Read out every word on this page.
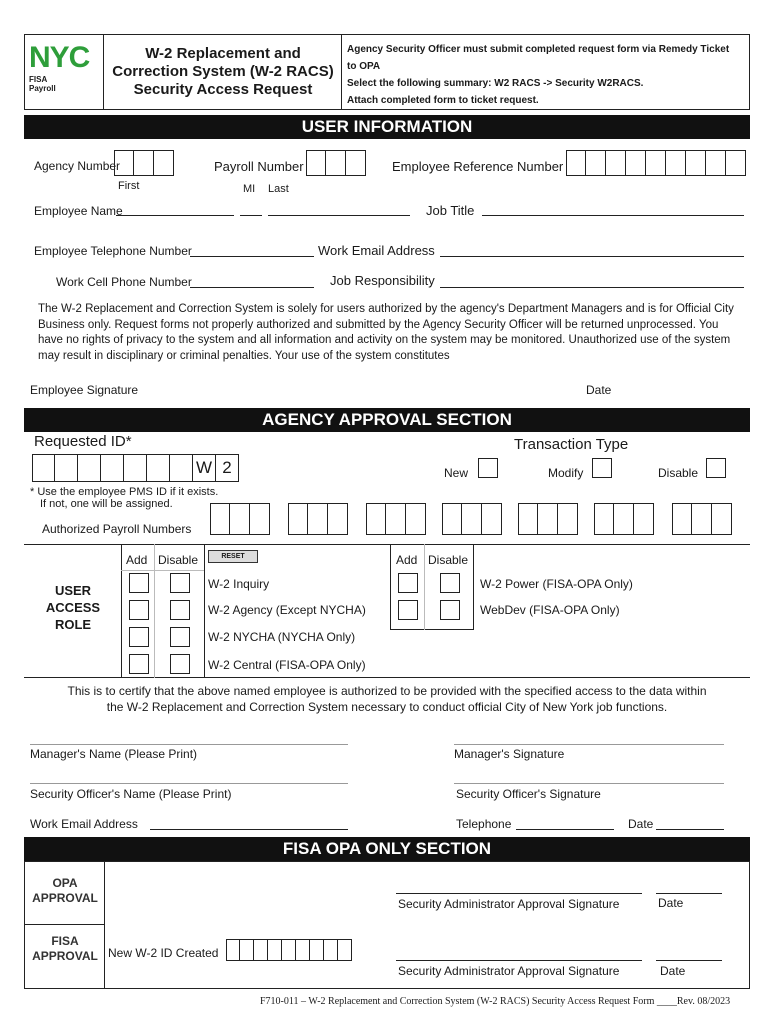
NYC
FISA
Payroll
W-2 Replacement and
Correction System (W-2 RACS)
Security Access Request
Agency Security Officer must submit completed request form via Remedy Ticket
to OPA
Select the following summary: W2 RACS -> Security W2RACS.
Attach completed form to ticket request.
USER INFORMATION
Agency Number	Payroll Number	Employee Reference Number
First	MI Last
Employee Name	Job Title
Employee Telephone Number	Work Email Address
Work Cell Phone Number	Job Responsibility
The W-2 Replacement and Correction System is solely for users authorized by the agency's Department Managers and is for Official City Business only. Request forms not properly authorized and submitted by the Agency Security Officer will be returned unprocessed. You have no rights of privacy to the system and all information and activity on the system may be monitored. Unauthorized use of the system may result in disciplinary or criminal penalties. Your use of the system constitutes
Employee Signature	Date
AGENCY APPROVAL SECTION
Requested ID*
W 2
Transaction Type
New	Modify	Disable
* Use the employee PMS ID if it exists.
If not, one will be assigned.
Authorized Payroll Numbers
USER
ACCESS
ROLE
Add Disable	RESET
W-2 Inquiry
W-2 Agency (Except NYCHA)
W-2 NYCHA (NYCHA Only)
W-2 Central (FISA-OPA Only)
Add Disable
W-2 Power (FISA-OPA Only)
WebDev (FISA-OPA Only)
This is to certify that the above named employee is authorized to be provided with the specified access to the data within
the W-2 Replacement and Correction System necessary to conduct official City of New York job functions.
Manager's Name (Please Print)	Manager's Signature
Security Officer's Name (Please Print)	Security Officer's Signature
Work Email Address	Telephone	Date
FISA OPA ONLY SECTION
OPA
APPROVAL	Security Administrator Approval Signature	Date
FISA
APPROVAL New W-2 ID Created
Security Administrator Approval Signature	Date
F710-011 – W-2 Replacement and Correction System (W-2 RACS) Security Access Request Form ____Rev. 08/2023
